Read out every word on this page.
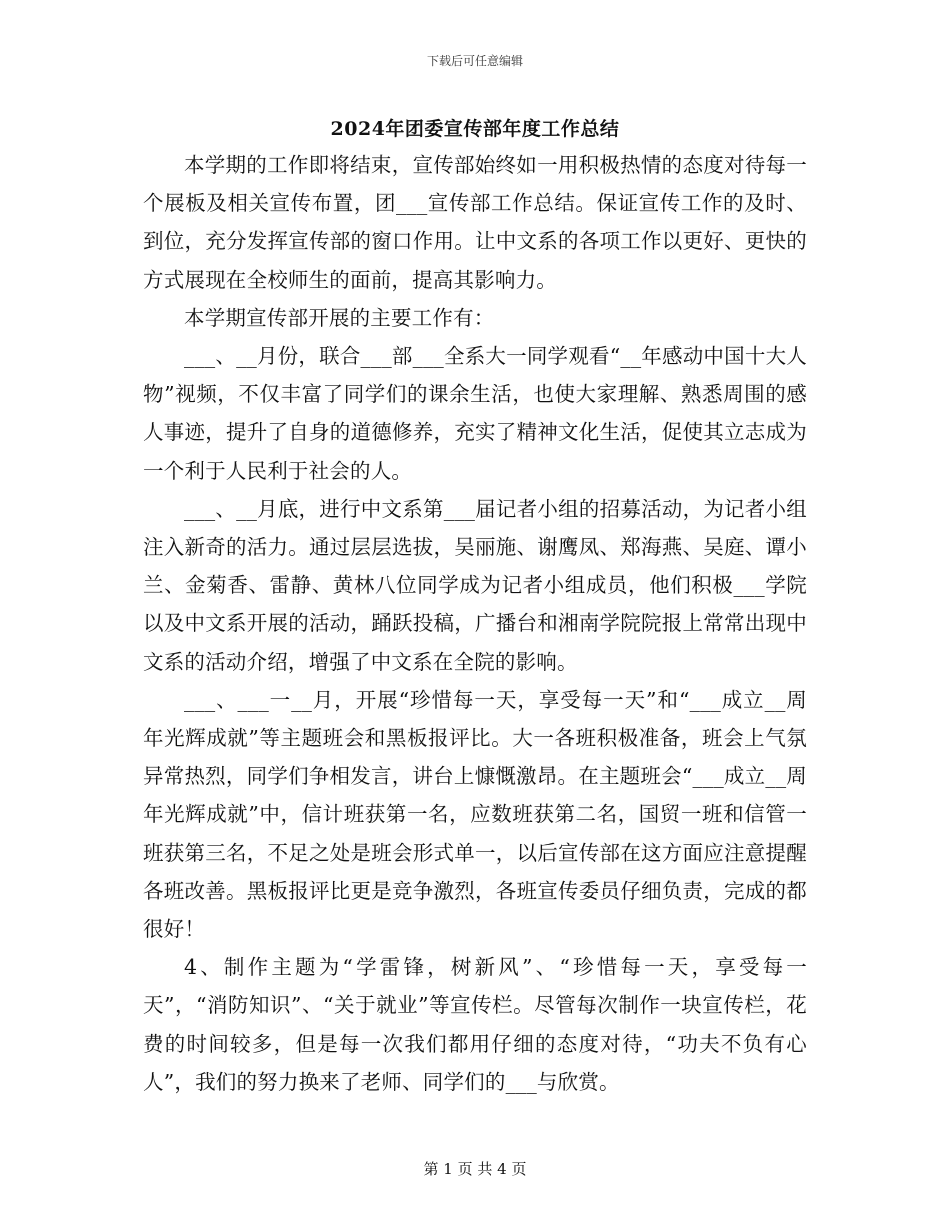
下载后可任意编辑
2024年团委宣传部年度工作总结

本学期的工作即将结束，宣传部始终如一用积极热情的态度对待每一个展板及相关宣传布置，团___宣传部工作总结。保证宣传工作的及时、到位，充分发挥宣传部的窗口作用。让中文系的各项工作以更好、更快的方式展现在全校师生的面前，提高其影响力。

本学期宣传部开展的主要工作有：

___、__月份，联合___部___全系大一同学观看“__年感动中国十大人物”视频，不仅丰富了同学们的课余生活，也使大家理解、熟悉周围的感人事迹，提升了自身的道德修养，充实了精神文化生活，促使其立志成为一个利于人民利于社会的人。

___、__月底，进行中文系第___届记者小组的招募活动，为记者小组注入新奇的活力。通过层层选拔，吴丽施、谢鹰凤、郑海燕、吴庭、谭小兰、金菊香、雷静、黄林八位同学成为记者小组成员，他们积极___学院以及中文系开展的活动，踊跃投稿，广播台和湘南学院院报上常常出现中文系的活动介绍，增强了中文系在全院的影响。

___、___一__月，开展“珍惜每一天，享受每一天”和“___成立__周年光辉成就”等主题班会和黑板报评比。大一各班积极准备，班会上气氛异常热烈，同学们争相发言，讲台上慷慨激昂。在主题班会“___成立__周年光辉成就”中，信计班获第一名，应数班获第二名，国贸一班和信管一班获第三名，不足之处是班会形式单一，以后宣传部在这方面应注意提醒各班改善。黑板报评比更是竞争激烈，各班宣传委员仔细负责，完成的都很好！

4、制作主题为“学雷锋，树新风”、“珍惜每一天，享受每一天”，“消防知识”、“关于就业”等宣传栏。尽管每次制作一块宣传栏，花费的时间较多，但是每一次我们都用仔细的态度对待，“功夫不负有心人”，我们的努力换来了老师、同学们的___与欣赏。

第 1 页 共 4 页
